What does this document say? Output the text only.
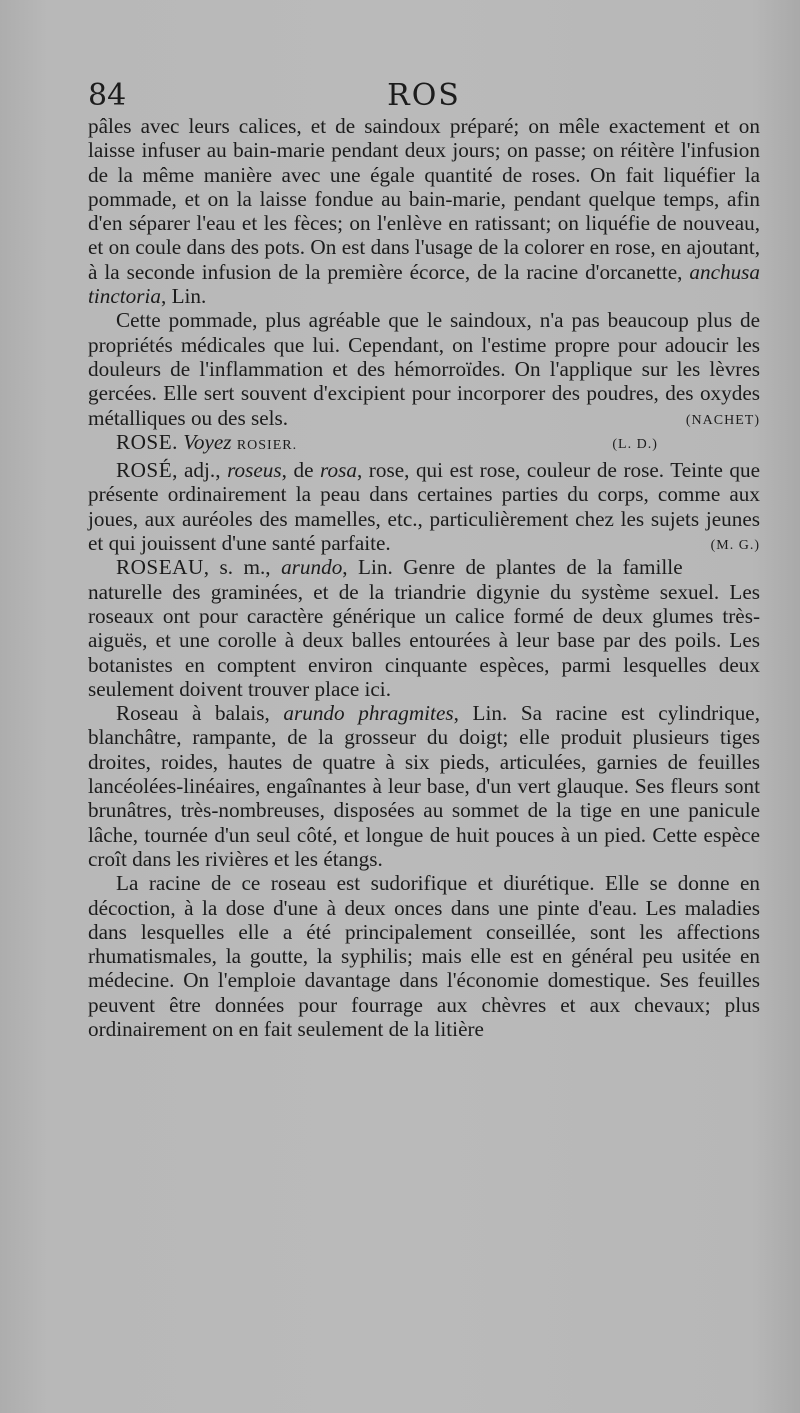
84	ROS

pâles avec leurs calices, et de saindoux préparé; on mêle exactement et on laisse infuser au bain-marie pendant deux jours; on passe; on réitère l'infusion de la même manière avec une égale quantité de roses. On fait liquéfier la pommade, et on la laisse fondue au bain-marie, pendant quelque temps, afin d'en séparer l'eau et les fèces; on l'enlève en ratissant; on liquéfie de nouveau, et on coule dans des pots. On est dans l'usage de la colorer en rose, en ajoutant, à la seconde infusion de la première écorce, de la racine d'orcanette, anchusa tinctoria, Lin.

Cette pommade, plus agréable que le saindoux, n'a pas beaucoup plus de propriétés médicales que lui. Cependant, on l'estime propre pour adoucir les douleurs de l'inflammation et des hémorroïdes. On l'applique sur les lèvres gercées. Elle sert souvent d'excipient pour incorporer des poudres, des oxydes métalliques ou des sels.	(NACHET)

ROSE. Voyez ROSIER.	(L. D.)

ROSÉ, adj., roseus, de rosa, rose, qui est rose, couleur de rose. Teinte que présente ordinairement la peau dans certaines parties du corps, comme aux joues, aux auréoles des mamelles, etc., particulièrement chez les sujets jeunes et qui jouissent d'une santé parfaite.	(M. G.)

ROSEAU, s. m., arundo, Lin. Genre de plantes de la famille naturelle des graminées, et de la triandrie digynie du système sexuel. Les roseaux ont pour caractère générique un calice formé de deux glumes très-aiguës, et une corolle à deux balles entourées à leur base par des poils. Les botanistes en comptent environ cinquante espèces, parmi lesquelles deux seulement doivent trouver place ici.

Roseau à balais, arundo phragmites, Lin. Sa racine est cylindrique, blanchâtre, rampante, de la grosseur du doigt; elle produit plusieurs tiges droites, roides, hautes de quatre à six pieds, articulées, garnies de feuilles lancéolées-linéaires, engaînantes à leur base, d'un vert glauque. Ses fleurs sont brunâtres, très-nombreuses, disposées au sommet de la tige en une panicule lâche, tournée d'un seul côté, et longue de huit pouces à un pied. Cette espèce croît dans les rivières et les étangs.

La racine de ce roseau est sudorifique et diurétique. Elle se donne en décoction, à la dose d'une à deux onces dans une pinte d'eau. Les maladies dans lesquelles elle a été principalement conseillée, sont les affections rhumatismales, la goutte, la syphilis; mais elle est en général peu usitée en médecine. On l'emploie davantage dans l'économie domestique. Ses feuilles peuvent être données pour fourrage aux chèvres et aux chevaux; plus ordinairement on en fait seulement de la litière
